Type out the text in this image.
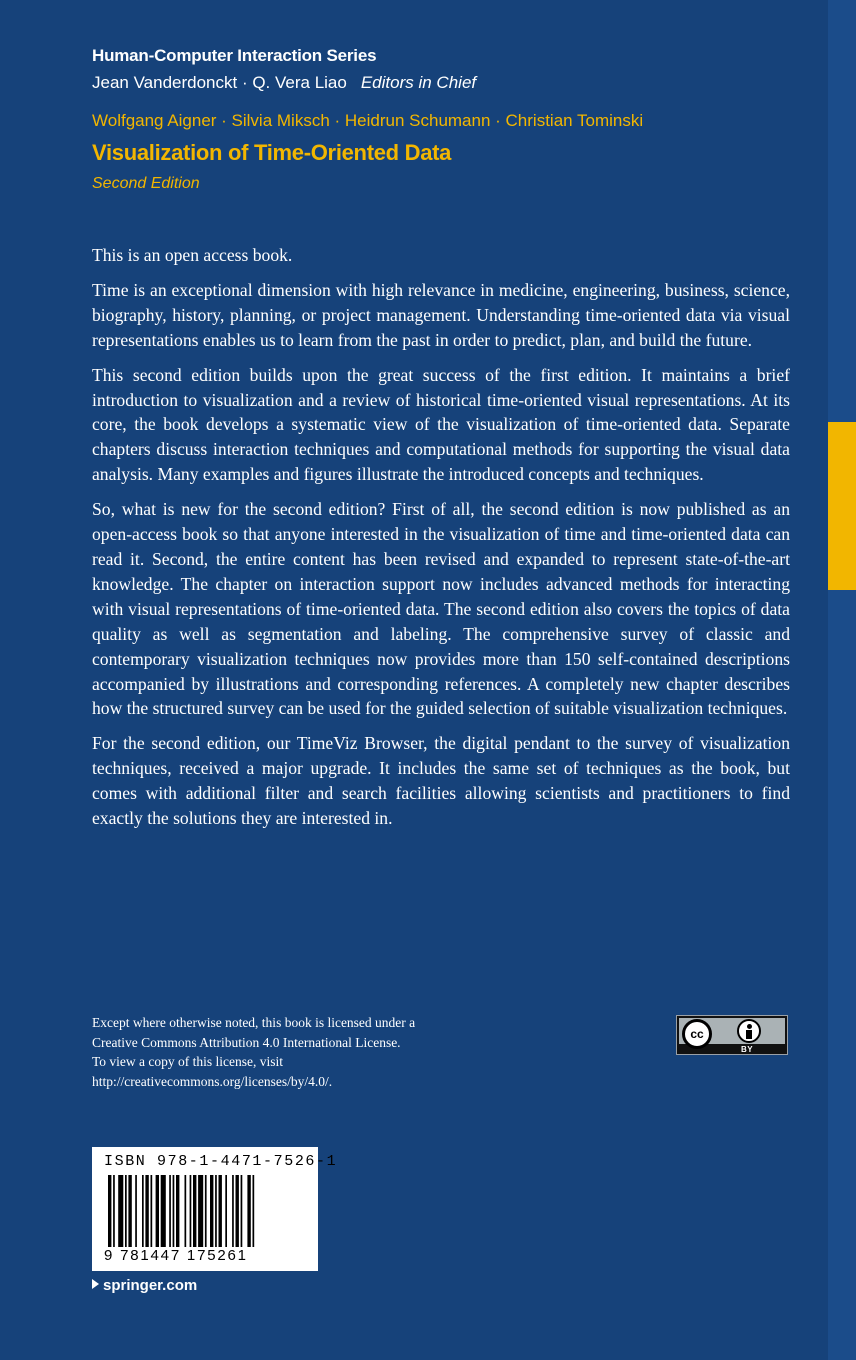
Human-Computer Interaction Series
Jean Vanderdonckt · Q. Vera Liao Editors in Chief
Wolfgang Aigner · Silvia Miksch · Heidrun Schumann · Christian Tominski
Visualization of Time-Oriented Data
Second Edition

This is an open access book.

Time is an exceptional dimension with high relevance in medicine, engineering, business, science, biography, history, planning, or project management. Understanding time-oriented data via visual representations enables us to learn from the past in order to predict, plan, and build the future.

This second edition builds upon the great success of the first edition. It maintains a brief introduction to visualization and a review of historical time-oriented visual representations. At its core, the book develops a systematic view of the visualization of time-oriented data. Separate chapters discuss interaction techniques and computational methods for supporting the visual data analysis. Many examples and figures illustrate the introduced concepts and techniques.

So, what is new for the second edition? First of all, the second edition is now published as an open-access book so that anyone interested in the visualization of time and time-oriented data can read it. Second, the entire content has been revised and expanded to represent state-of-the-art knowledge. The chapter on interaction support now includes advanced methods for interacting with visual representations of time-oriented data. The second edition also covers the topics of data quality as well as segmentation and labeling. The comprehensive survey of classic and contemporary visualization techniques now provides more than 150 self-contained descriptions accompanied by illustrations and corresponding references. A completely new chapter describes how the structured survey can be used for the guided selection of suitable visualization techniques.

For the second edition, our TimeViz Browser, the digital pendant to the survey of visualization techniques, received a major upgrade. It includes the same set of techniques as the book, but comes with additional filter and search facilities allowing scientists and practitioners to find exactly the solutions they are interested in.

Except where otherwise noted, this book is licensed under a
Creative Commons Attribution 4.0 International License.
To view a copy of this license, visit
http://creativecommons.org/licenses/by/4.0/.
cc
BY
ISBN 978-1-4471-7526-1
9 781447 175261
springer.com
